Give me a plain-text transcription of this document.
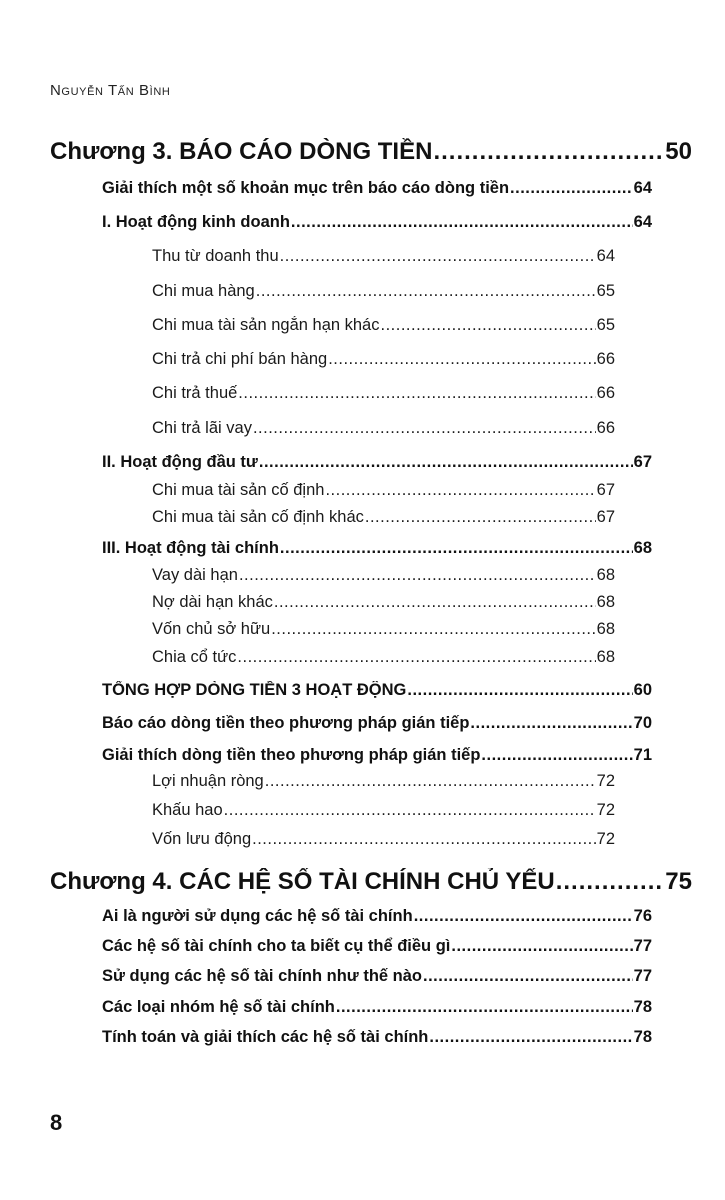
Nguyễn Tấn Bình
Chương 3. BÁO CÁO DÒNG TIỀN .....	50
Giải thích một số khoản mục trên báo cáo dòng tiền .....	64
I. Hoạt động kinh doanh .....	64
Thu từ doanh thu .....	64
Chi mua hàng .....	65
Chi mua tài sản ngắn hạn khác .....	65
Chi trả chi phí bán hàng .....	66
Chi trả thuế .....	66
Chi trả lãi vay .....	66
II. Hoạt động đầu tư .....	67
Chi mua tài sản cố định .....	67
Chi mua tài sản cố định khác .....	67
III. Hoạt động tài chính .....	68
Vay dài hạn .....	68
Nợ dài hạn khác .....	68
Vốn chủ sở hữu .....	68
Chia cổ tức .....	68
TỔNG HỢP DÒNG TIỀN 3 HOẠT ĐỘNG .....	60
Báo cáo dòng tiền theo phương pháp gián tiếp .....	70
Giải thích dòng tiền theo phương pháp gián tiếp .....	71
Lợi nhuận ròng .....	72
Khấu hao .....	72
Vốn lưu động .....	72
Chương 4. CÁC HỆ SỐ TÀI CHÍNH CHỦ YẾU .....	75
Ai là người sử dụng các hệ số tài chính .....	76
Các hệ số tài chính cho ta biết cụ thể điều gì .....	77
Sử dụng các hệ số tài chính như thế nào .....	77
Các loại nhóm hệ số tài chính .....	78
Tính toán và giải thích các hệ số tài chính .....	78
8
